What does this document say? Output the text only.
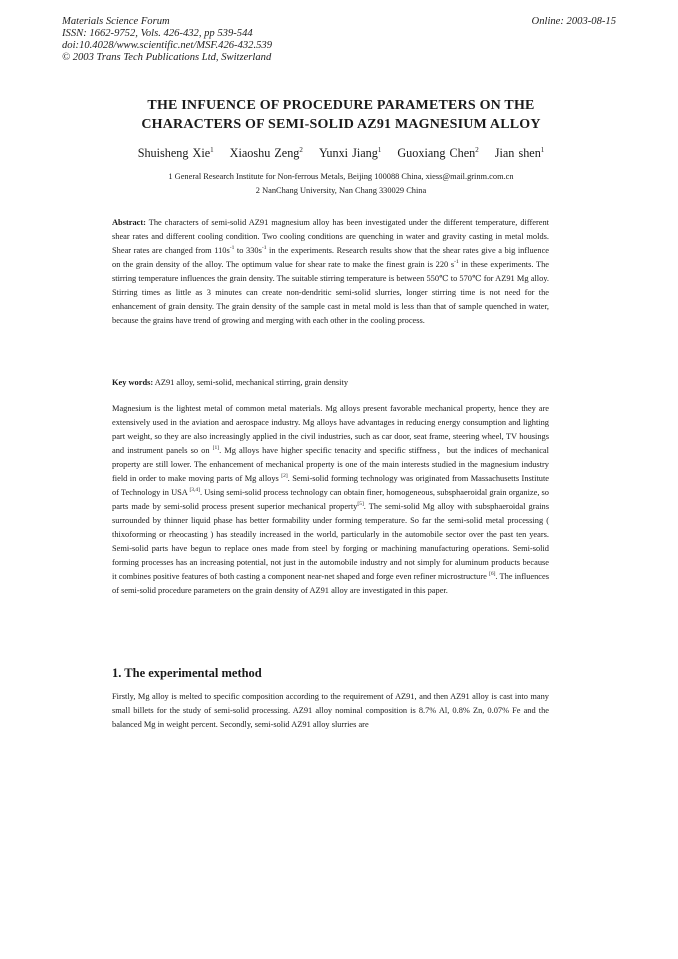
Materials Science Forum
ISSN: 1662-9752, Vols. 426-432, pp 539-544
doi:10.4028/www.scientific.net/MSF.426-432.539
© 2003 Trans Tech Publications Ltd, Switzerland
Online: 2003-08-15
THE INFUENCE OF PROCEDURE PARAMETERS ON THE
CHARACTERS OF SEMI-SOLID AZ91 MAGNESIUM ALLOY
Shuisheng Xie$^1$ Xiaoshu Zeng$^2$ Yunxi Jiang$^1$ Guoxiang Chen$^2$ Jian shen$^1$
1 General Research Institute for Non-ferrous Metals, Beijing 100088 China, xiess@mail.grinm.com.cn
2 NanChang University, Nan Chang 330029 China
Abstract: The characters of semi-solid AZ91 magnesium alloy has been investigated under the different temperature, different shear rates and different cooling condition. Two cooling conditions are quenching in water and gravity casting in metal molds. Shear rates are changed from $110s^{-1}$ to $330s^{-1}$ in the experiments. Research results show that the shear rates give a big influence on the grain density of the alloy. The optimum value for shear rate to make the finest grain is 220 $s^{-1}$ in these experiments. The stirring temperature influences the grain density. The suitable stirring temperature is between 550℃ to 570℃ for AZ91 Mg alloy. Stirring times as little as 3 minutes can create non-dendritic semi-solid slurries, longer stirring time is not need for the enhancement of grain density. The grain density of the sample cast in metal mold is less than that of sample quenched in water, because the grains have trend of growing and merging with each other in the cooling process.
Key words: AZ91 alloy, semi-solid, mechanical stirring, grain density
Magnesium is the lightest metal of common metal materials. Mg alloys present favorable mechanical property, hence they are extensively used in the aviation and aerospace industry. Mg alloys have advantages in reducing energy consumption and lighting part weight, so they are also increasingly applied in the civil industries, such as car door, seat frame, steering wheel, TV housings and instrument panels so on [1]. Mg alloys have higher specific tenacity and specific stiffness，but the indices of mechanical property are still lower. The enhancement of mechanical property is one of the main interests studied in the magnesium industry field in order to make moving parts of Mg alloys [2]. Semi-solid forming technology was originated from Massachusetts Institute of Technology in USA [3,4]. Using semi-solid process technology can obtain finer, homogeneous, subsphaeroidal grain organize, so parts made by semi-solid process present superior mechanical property[5]. The semi-solid Mg alloy with subsphaeroidal grains surrounded by thinner liquid phase has better formability under forming temperature. So far the semi-solid metal processing ( thixoforming or rheocasting ) has steadily increased in the world, particularly in the automobile sector over the past ten years. Semi-solid parts have begun to replace ones made from steel by forging or machining manufacturing operations. Semi-solid forming processes has an increasing potential, not just in the automobile industry and not simply for aluminum products because it combines positive features of both casting a component near-net shaped and forge even refiner microstructure [6]. The influences of semi-solid procedure parameters on the grain density of AZ91 alloy are investigated in this paper.
1. The experimental method
Firstly, Mg alloy is melted to specific composition according to the requirement of AZ91, and then AZ91 alloy is cast into many small billets for the study of semi-solid processing. AZ91 alloy nominal composition is 8.7% Al, 0.8% Zn, 0.07% Fe and the balanced Mg in weight percent. Secondly, semi-solid AZ91 alloy slurries are
